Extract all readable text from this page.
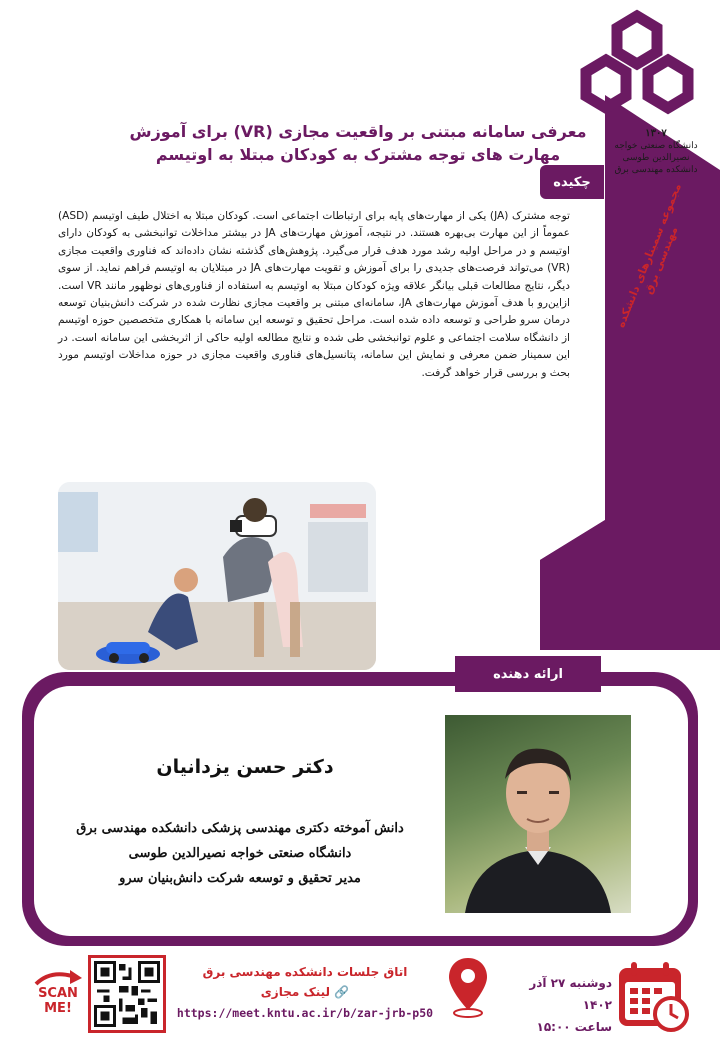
۱۳۰۷
دانشگاه صنعتی خواجه نصیرالدین طوسی
دانشکده مهندسی برق
مجموعه سمینارهای دانشکده مهندسی برق
معرفی سامانه مبتنی بر واقعیت مجازی (VR) برای آموزش
مهارت‌ های توجه مشترک به کودکان مبتلا به اوتیسم
چکیده
توجه مشترک (JA) یکی از مهارت‌های پایه برای ارتباطات اجتماعی است. کودکان مبتلا به اختلال طیف اوتیسم (ASD) عموماً از این مهارت بی‌بهره هستند. در نتیجه، آموزش مهارت‌های JA در بیشتر مداخلات توانبخشی به کودکان دارای اوتیسم و در مراحل اولیه رشد مورد هدف قرار می‌گیرد. پژوهش‌های گذشته نشان داده‌اند که فناوری واقعیت مجازی (VR) می‌تواند فرصت‌های جدیدی را برای آموزش و تقویت مهارت‌های JA در مبتلایان به اوتیسم فراهم نماید. از سوی دیگر، نتایج مطالعات قبلی بیانگر علاقه ویژه کودکان مبتلا به اوتیسم به استفاده از فناوری‌های نوظهور مانند VR است. ازاین‌رو با هدف آموزش مهارت‌های JA، سامانه‌ای مبتنی بر واقعیت مجازی نظارت شده در شرکت دانش‌بنیان توسعه درمان سرو طراحی و توسعه داده شده است. مراحل تحقیق و توسعه این سامانه با همکاری متخصصین حوزه اوتیسم از دانشگاه سلامت اجتماعی و علوم توانبخشی طی شده و نتایج مطالعه اولیه حاکی از اثربخشی این سامانه است. در این سمینار ضمن معرفی و نمایش این سامانه، پتانسیل‌های فناوری واقعیت مجازی در حوزه مداخلات اوتیسم مورد بحث و بررسی قرار خواهد گرفت.
ارائه دهنده
دکتر حسن یزدانیان
دانش آموخته دکتری مهندسی پزشکی دانشکده مهندسی برق
دانشگاه صنعتی خواجه نصیرالدین طوسی
مدیر تحقیق و توسعه شرکت دانش‌بنیان سرو
دوشنبه ۲۷ آذر ۱۴۰۲
ساعت ۱۵:۰۰
اتاق جلسات دانشکده مهندسی برق
🔗 لینک مجازی
https://meet.kntu.ac.ir/b/zar-jrb-p50
SCAN
ME!
